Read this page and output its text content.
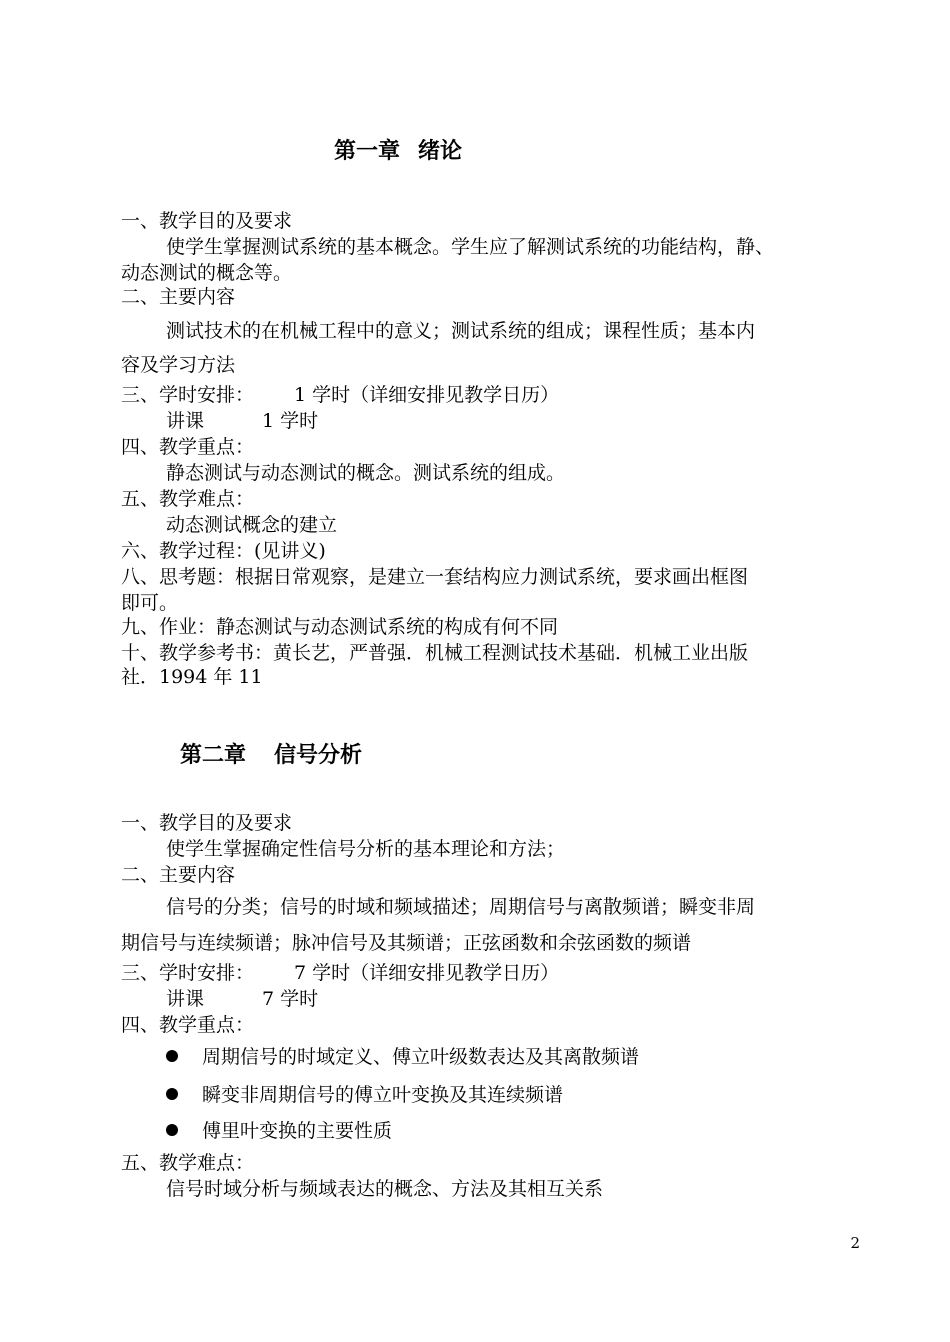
第一章 绪论
一、教学目的及要求
使学生掌握测试系统的基本概念。学生应了解测试系统的功能结构，静、
动态测试的概念等。
二、主要内容
测试技术的在机械工程中的意义；测试系统的组成；课程性质；基本内
容及学习方法
三、学时安排： 1 学时（详细安排见教学日历）
讲课	1 学时
四、教学重点：
静态测试与动态测试的概念。测试系统的组成。
五、教学难点：
动态测试概念的建立
六、教学过程：(见讲义)
八、思考题：根据日常观察，是建立一套结构应力测试系统，要求画出框图
即可。
九、作业：静态测试与动态测试系统的构成有何不同
十、教学参考书：黄长艺，严普强．机械工程测试技术基础．机械工业出版
社．1994 年 11
第二章 信号分析
一、教学目的及要求
使学生掌握确定性信号分析的基本理论和方法；
二、主要内容
信号的分类；信号的时域和频域描述；周期信号与离散频谱；瞬变非周
期信号与连续频谱；脉冲信号及其频谱；正弦函数和余弦函数的频谱
三、学时安排： 7 学时（详细安排见教学日历）
讲课	7 学时
四、教学重点：
周期信号的时域定义、傅立叶级数表达及其离散频谱
瞬变非周期信号的傅立叶变换及其连续频谱
傅里叶变换的主要性质
五、教学难点：
信号时域分析与频域表达的概念、方法及其相互关系
2
